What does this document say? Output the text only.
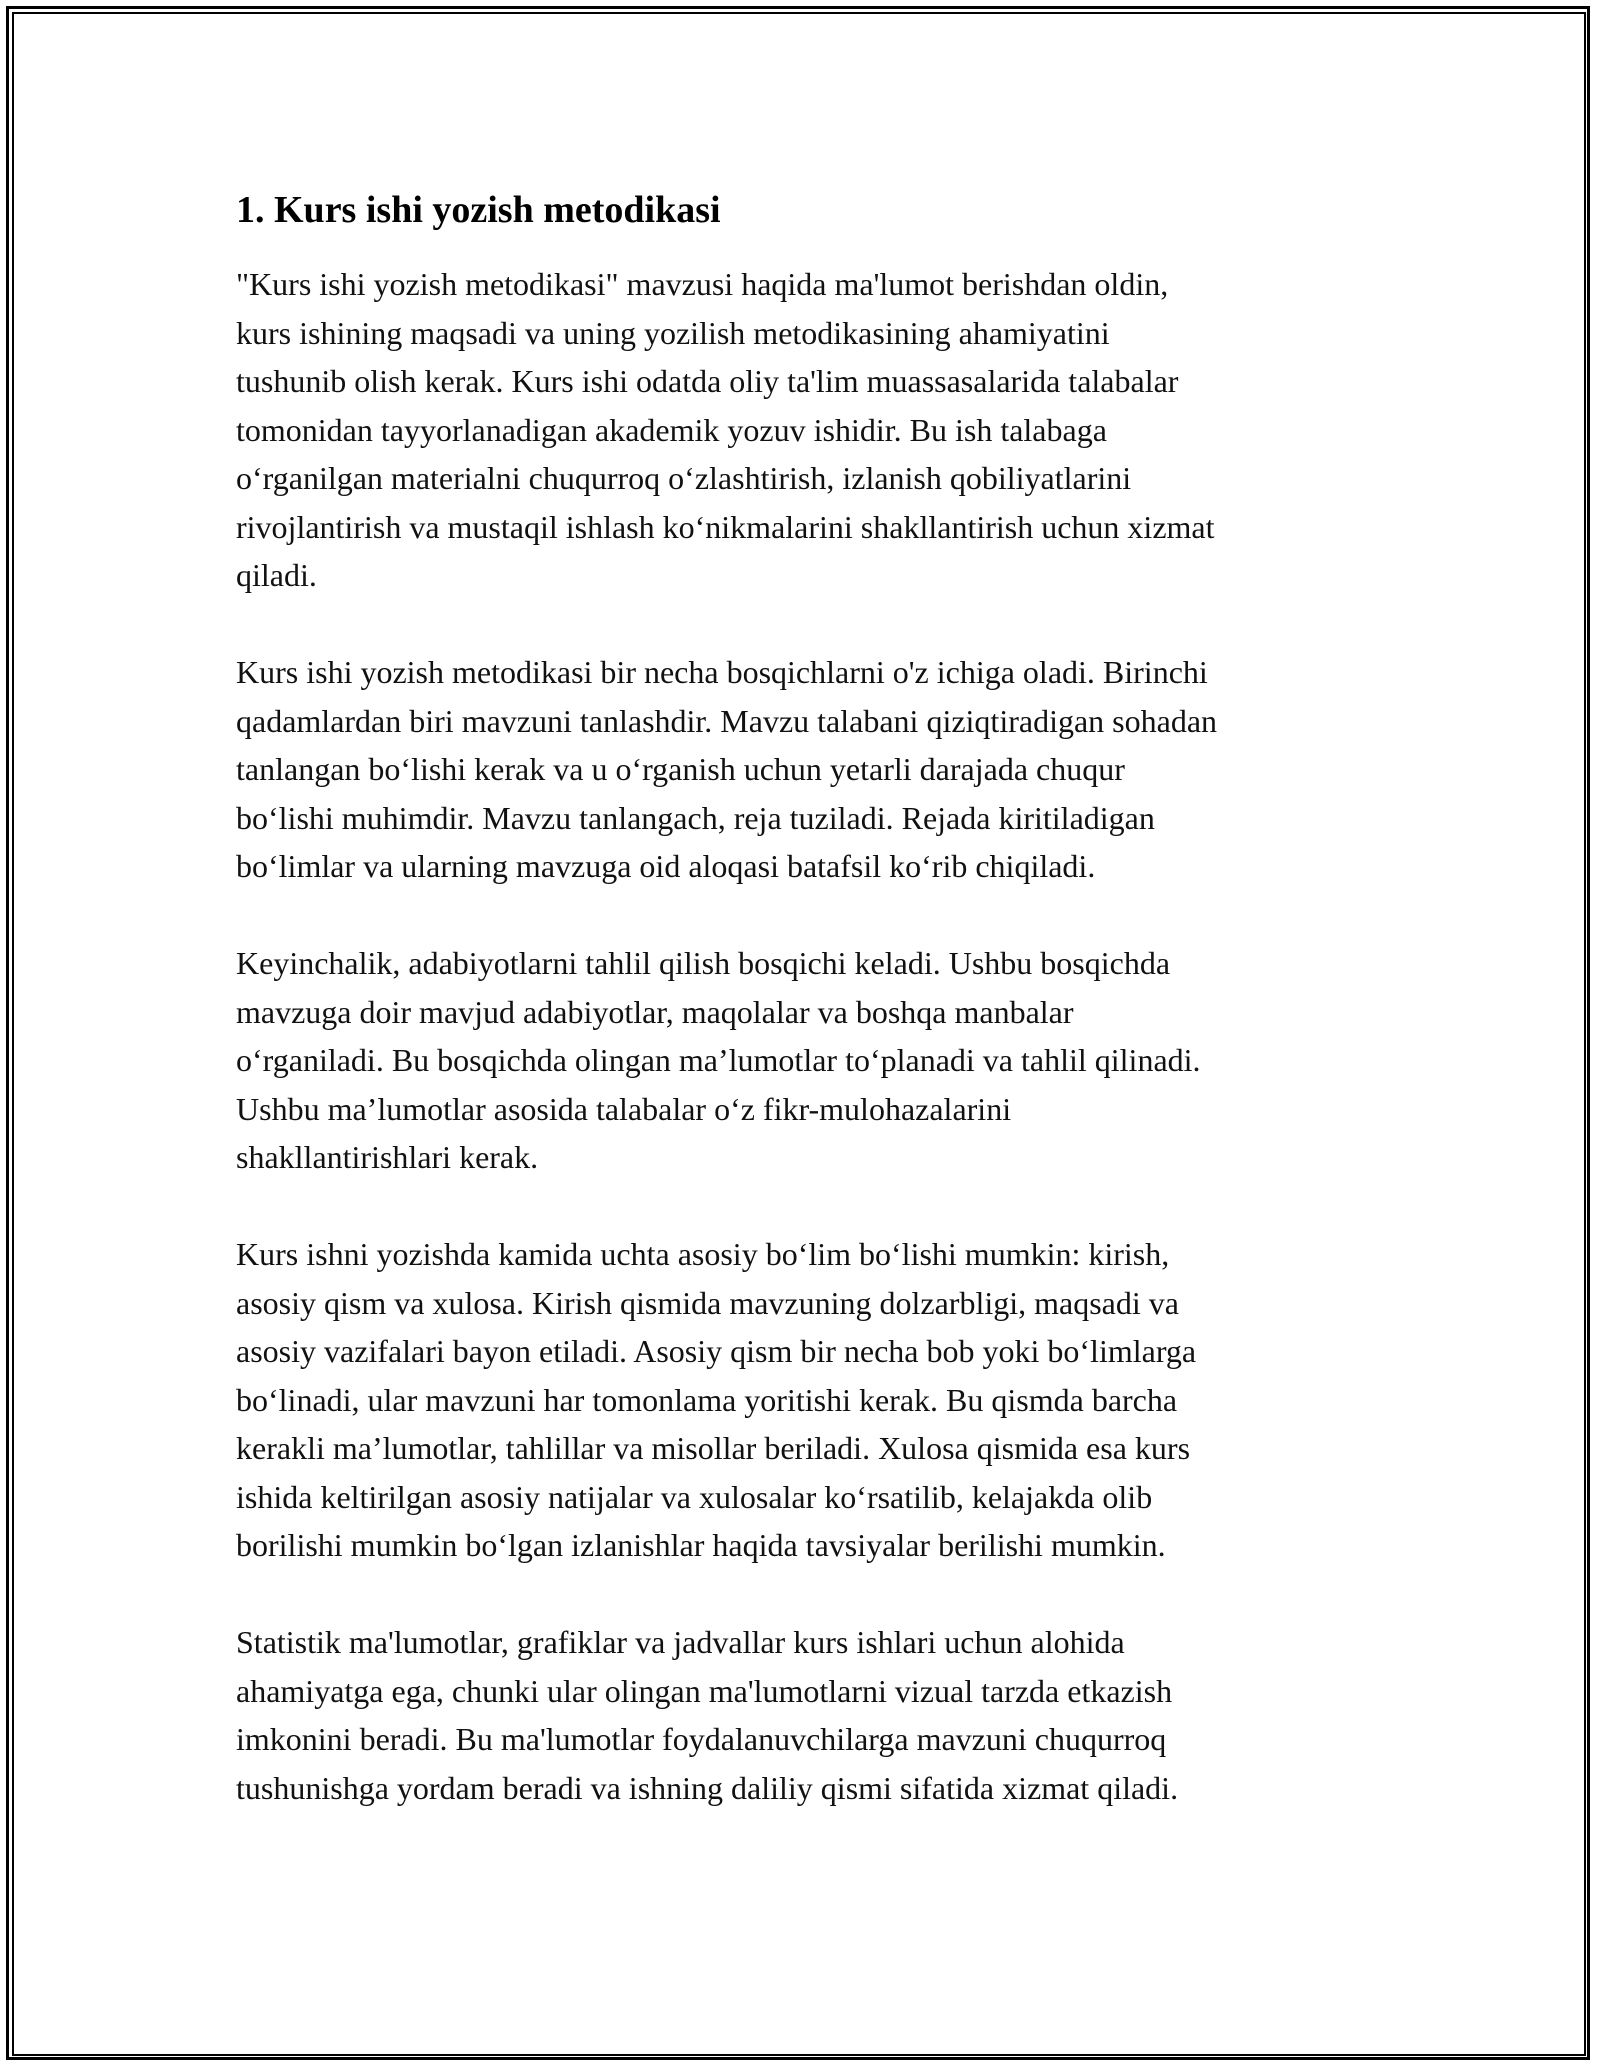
1. Kurs ishi yozish metodikasi

"Kurs ishi yozish metodikasi" mavzusi haqida ma'lumot berishdan oldin,
kurs ishining maqsadi va uning yozilish metodikasining ahamiyatini
tushunib olish kerak. Kurs ishi odatda oliy ta'lim muassasalarida talabalar
tomonidan tayyorlanadigan akademik yozuv ishidir. Bu ish talabaga
o‘rganilgan materialni chuqurroq o‘zlashtirish, izlanish qobiliyatlarini
rivojlantirish va mustaqil ishlash ko‘nikmalarini shakllantirish uchun xizmat
qiladi.

Kurs ishi yozish metodikasi bir necha bosqichlarni o'z ichiga oladi. Birinchi
qadamlardan biri mavzuni tanlashdir. Mavzu talabani qiziqtiradigan sohadan
tanlangan bo‘lishi kerak va u o‘rganish uchun yetarli darajada chuqur
bo‘lishi muhimdir. Mavzu tanlangach, reja tuziladi. Rejada kiritiladigan
bo‘limlar va ularning mavzuga oid aloqasi batafsil ko‘rib chiqiladi.

Keyinchalik, adabiyotlarni tahlil qilish bosqichi keladi. Ushbu bosqichda
mavzuga doir mavjud adabiyotlar, maqolalar va boshqa manbalar
o‘rganiladi. Bu bosqichda olingan ma’lumotlar to‘planadi va tahlil qilinadi.
Ushbu ma’lumotlar asosida talabalar o‘z fikr-mulohazalarini
shakllantirishlari kerak.

Kurs ishni yozishda kamida uchta asosiy bo‘lim bo‘lishi mumkin: kirish,
asosiy qism va xulosa. Kirish qismida mavzuning dolzarbligi, maqsadi va
asosiy vazifalari bayon etiladi. Asosiy qism bir necha bob yoki bo‘limlarga
bo‘linadi, ular mavzuni har tomonlama yoritishi kerak. Bu qismda barcha
kerakli ma’lumotlar, tahlillar va misollar beriladi. Xulosa qismida esa kurs
ishida keltirilgan asosiy natijalar va xulosalar ko‘rsatilib, kelajakda olib
borilishi mumkin bo‘lgan izlanishlar haqida tavsiyalar berilishi mumkin.

Statistik ma'lumotlar, grafiklar va jadvallar kurs ishlari uchun alohida
ahamiyatga ega, chunki ular olingan ma'lumotlarni vizual tarzda etkazish
imkonini beradi. Bu ma'lumotlar foydalanuvchilarga mavzuni chuqurroq
tushunishga yordam beradi va ishning daliliy qismi sifatida xizmat qiladi.
